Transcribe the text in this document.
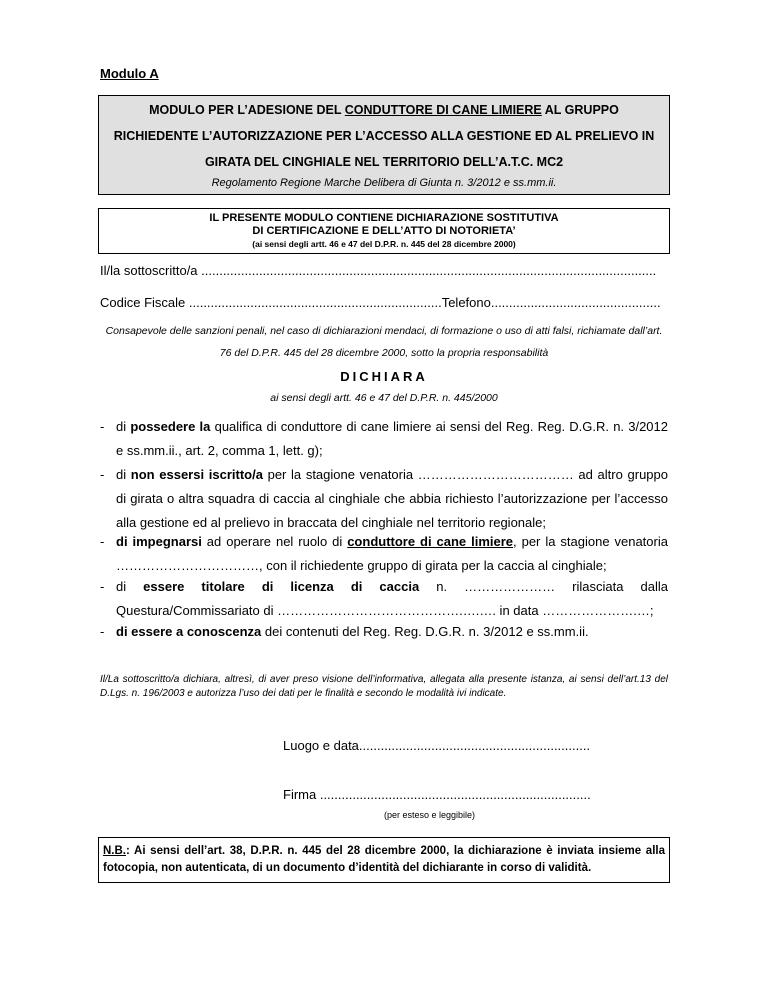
Modulo A
MODULO PER L’ADESIONE DEL CONDUTTORE DI CANE LIMIERE AL GRUPPO
RICHIEDENTE L’AUTORIZZAZIONE PER L’ACCESSO ALLA GESTIONE ED AL PRELIEVO IN
GIRATA DEL CINGHIALE NEL TERRITORIO DELL’A.T.C. MC2
Regolamento Regione Marche Delibera di Giunta n. 3/2012 e ss.mm.ii.
IL PRESENTE MODULO CONTIENE DICHIARAZIONE SOSTITUTIVA
DI CERTIFICAZIONE E DELL’ATTO DI NOTORIETA’
(ai sensi degli artt. 46 e 47 del D.P.R. n. 445 del 28 dicembre 2000)
Il/la sottoscritto/a ..............................................................................................................................
Codice Fiscale ......................................................................Telefono...............................................
Consapevole delle sanzioni penali, nel caso di dichiarazioni mendaci, di formazione o uso di atti falsi, richiamate dall’art.
76 del D.P.R. 445 del 28 dicembre 2000, sotto la propria responsabilità
DICHIARA
ai sensi degli artt. 46 e 47 del D.P.R. n. 445/2000
- di possedere la qualifica di conduttore di cane limiere ai sensi del Reg. Reg. D.G.R. n. 3/2012 e ss.mm.ii., art. 2, comma 1, lett. g);
- di non essersi iscritto/a per la stagione venatoria ……………………………… ad altro gruppo di girata o altra squadra di caccia al cinghiale che abbia richiesto l’autorizzazione per l’accesso alla gestione ed al prelievo in braccata del cinghiale nel territorio regionale;
- di impegnarsi ad operare nel ruolo di conduttore di cane limiere, per la stagione venatoria ……………………………, con il richiedente gruppo di girata per la caccia al cinghiale;
- di essere titolare di licenza di caccia n. ………………… rilasciata dalla Questura/Commissariato di …………………………………….….…. in data ………………….…;
- di essere a conoscenza dei contenuti del Reg. Reg. D.G.R. n. 3/2012 e ss.mm.ii.
Il/La sottoscritto/a dichiara, altresì, di aver preso visione dell’informativa, allegata alla presente istanza, ai sensi dell’art.13 del D.Lgs. n. 196/2003 e autorizza l’uso dei dati per le finalità e secondo le modalità ivi indicate.
Luogo e data................................................................
Firma ...........................................................................
(per esteso e leggibile)
N.B.: Ai sensi dell’art. 38, D.P.R. n. 445 del 28 dicembre 2000, la dichiarazione è inviata insieme alla fotocopia, non autenticata, di un documento d’identità del dichiarante in corso di validità.
